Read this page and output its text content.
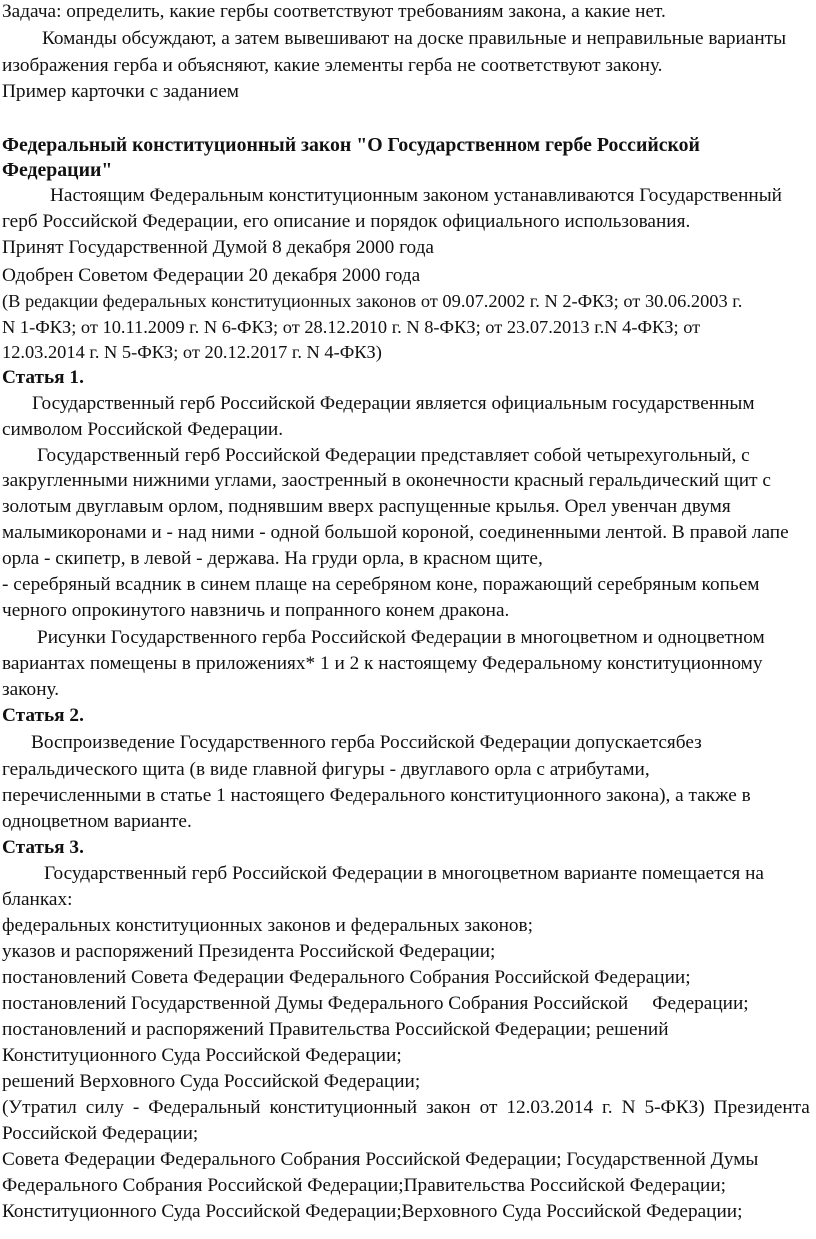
Задача: определить, какие гербы соответствуют требованиям закона, а какие нет.
Команды обсуждают, а затем вывешивают на доске правильные и неправильные варианты
изображения герба и объясняют, какие элементы герба не соответствуют закону.
Пример карточки с заданием
Федеральный конституционный закон "О Государственном гербе Российской
Федерации"
Настоящим Федеральным конституционным законом устанавливаются Государственный
герб Российской Федерации, его описание и порядок официального использования.
Принят Государственной Думой 8 декабря 2000 года
Одобрен Советом Федерации 20 декабря 2000 года
(В редакции федеральных конституционных законов от 09.07.2002 г. N 2-ФКЗ; от 30.06.2003 г.
N 1-ФКЗ; от 10.11.2009 г. N 6-ФКЗ; от 28.12.2010 г. N 8-ФКЗ; от 23.07.2013 г.N 4-ФКЗ; от
12.03.2014 г. N 5-ФКЗ; от 20.12.2017 г. N 4-ФКЗ)
Статья 1.
Государственный герб Российской Федерации является официальным государственным
символом Российской Федерации.
Государственный герб Российской Федерации представляет собой четырехугольный, с
закругленными нижними углами, заостренный в оконечности красный геральдический щит с
золотым двуглавым орлом, поднявшим вверх распущенные крылья. Орел увенчан двумя
малымикоронами и - над ними - одной большой короной, соединенными лентой. В правой лапе
орла - скипетр, в левой - держава. На груди орла, в красном щите,
- серебряный всадник в синем плаще на серебряном коне, поражающий серебряным копьем
черного опрокинутого навзничь и попранного конем дракона.
Рисунки Государственного герба Российской Федерации в многоцветном и одноцветном
вариантах помещены в приложениях* 1 и 2 к настоящему Федеральному конституционному
закону.
Статья 2.
Воспроизведение Государственного герба Российской Федерации допускаетсябез
геральдического щита (в виде главной фигуры - двуглавого орла с атрибутами,
перечисленными в статье 1 настоящего Федерального конституционного закона), а также в
одноцветном варианте.
Статья 3.
Государственный герб Российской Федерации в многоцветном варианте помещается на
бланках:
федеральных конституционных законов и федеральных законов;
указов и распоряжений Президента Российской Федерации;
постановлений Совета Федерации Федерального Собрания Российской Федерации;
постановлений Государственной Думы Федерального Собрания Российской     Федерации;
постановлений и распоряжений Правительства Российской Федерации; решений
Конституционного Суда Российской Федерации;
решений Верховного Суда Российской Федерации;
(Утратил силу - Федеральный конституционный закон от 12.03.2014 г. N 5-ФКЗ) Президента
Российской Федерации;
Совета Федерации Федерального Собрания Российской Федерации; Государственной Думы
Федерального Собрания Российской Федерации;Правительства Российской Федерации;
Конституционного Суда Российской Федерации;Верховного Суда Российской Федерации;
